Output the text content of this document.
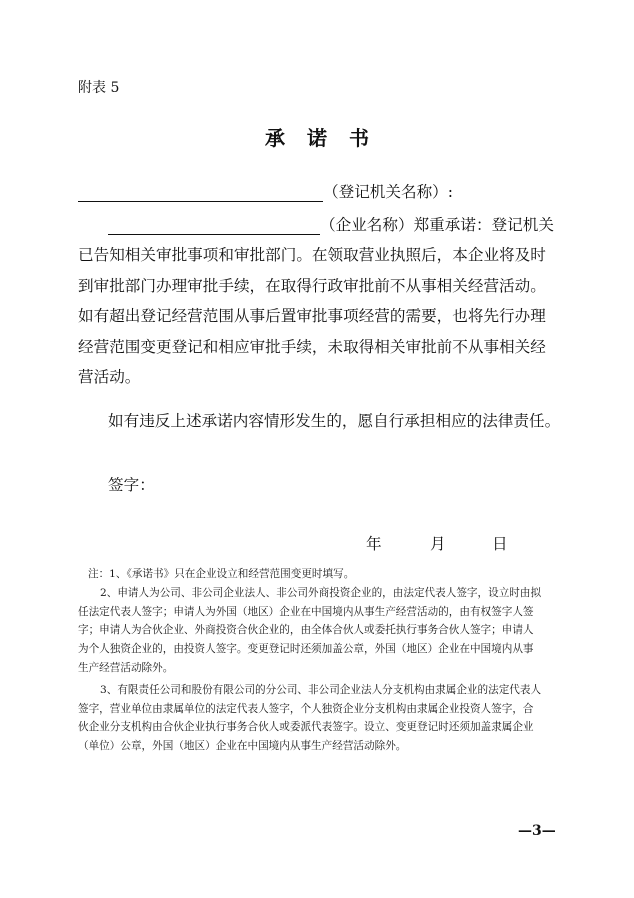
附表 5
承诺书
（登记机关名称）:
（企业名称）郑重承诺：登记机关
已告知相关审批事项和审批部门。在领取营业执照后，本企业将及时
到审批部门办理审批手续，在取得行政审批前不从事相关经营活动。
如有超出登记经营范围从事后置审批事项经营的需要，也将先行办理
经营范围变更登记和相应审批手续，未取得相关审批前不从事相关经
营活动。
如有违反上述承诺内容情形发生的，愿自行承担相应的法律责任。
签字：
年	月	日
注：1、《承诺书》只在企业设立和经营范围变更时填写。
2、申请人为公司、非公司企业法人、非公司外商投资企业的，由法定代表人签字，设立时由拟
任法定代表人签字；申请人为外国（地区）企业在中国境内从事生产经营活动的，由有权签字人签
字；申请人为合伙企业、外商投资合伙企业的，由全体合伙人或委托执行事务合伙人签字；申请人
为个人独资企业的，由投资人签字。变更登记时还须加盖公章，外国（地区）企业在中国境内从事
生产经营活动除外。
3、有限责任公司和股份有限公司的分公司、非公司企业法人分支机构由隶属企业的法定代表人
签字，营业单位由隶属单位的法定代表人签字，个人独资企业分支机构由隶属企业投资人签字，合
伙企业分支机构由合伙企业执行事务合伙人或委派代表签字。设立、变更登记时还须加盖隶属企业
（单位）公章，外国（地区）企业在中国境内从事生产经营活动除外。
—3—
